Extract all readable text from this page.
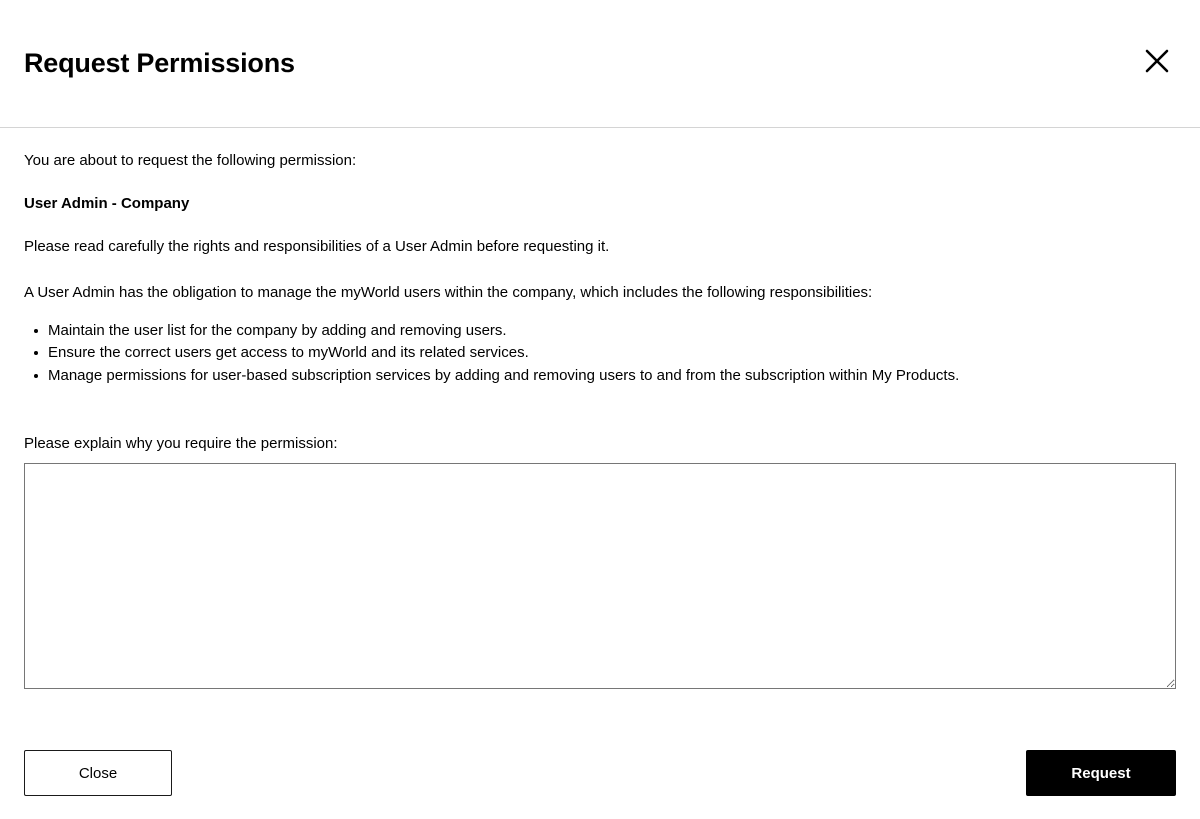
Request Permissions

You are about to request the following permission:

User Admin - Company

Please read carefully the rights and responsibilities of a User Admin before requesting it.

A User Admin has the obligation to manage the myWorld users within the company, which includes the following responsibilities:

Maintain the user list for the company by adding and removing users.
Ensure the correct users get access to myWorld and its related services.
Manage permissions for user-based subscription services by adding and removing users to and from the subscription within My Products.

Please explain why you require the permission:

Close	Request
